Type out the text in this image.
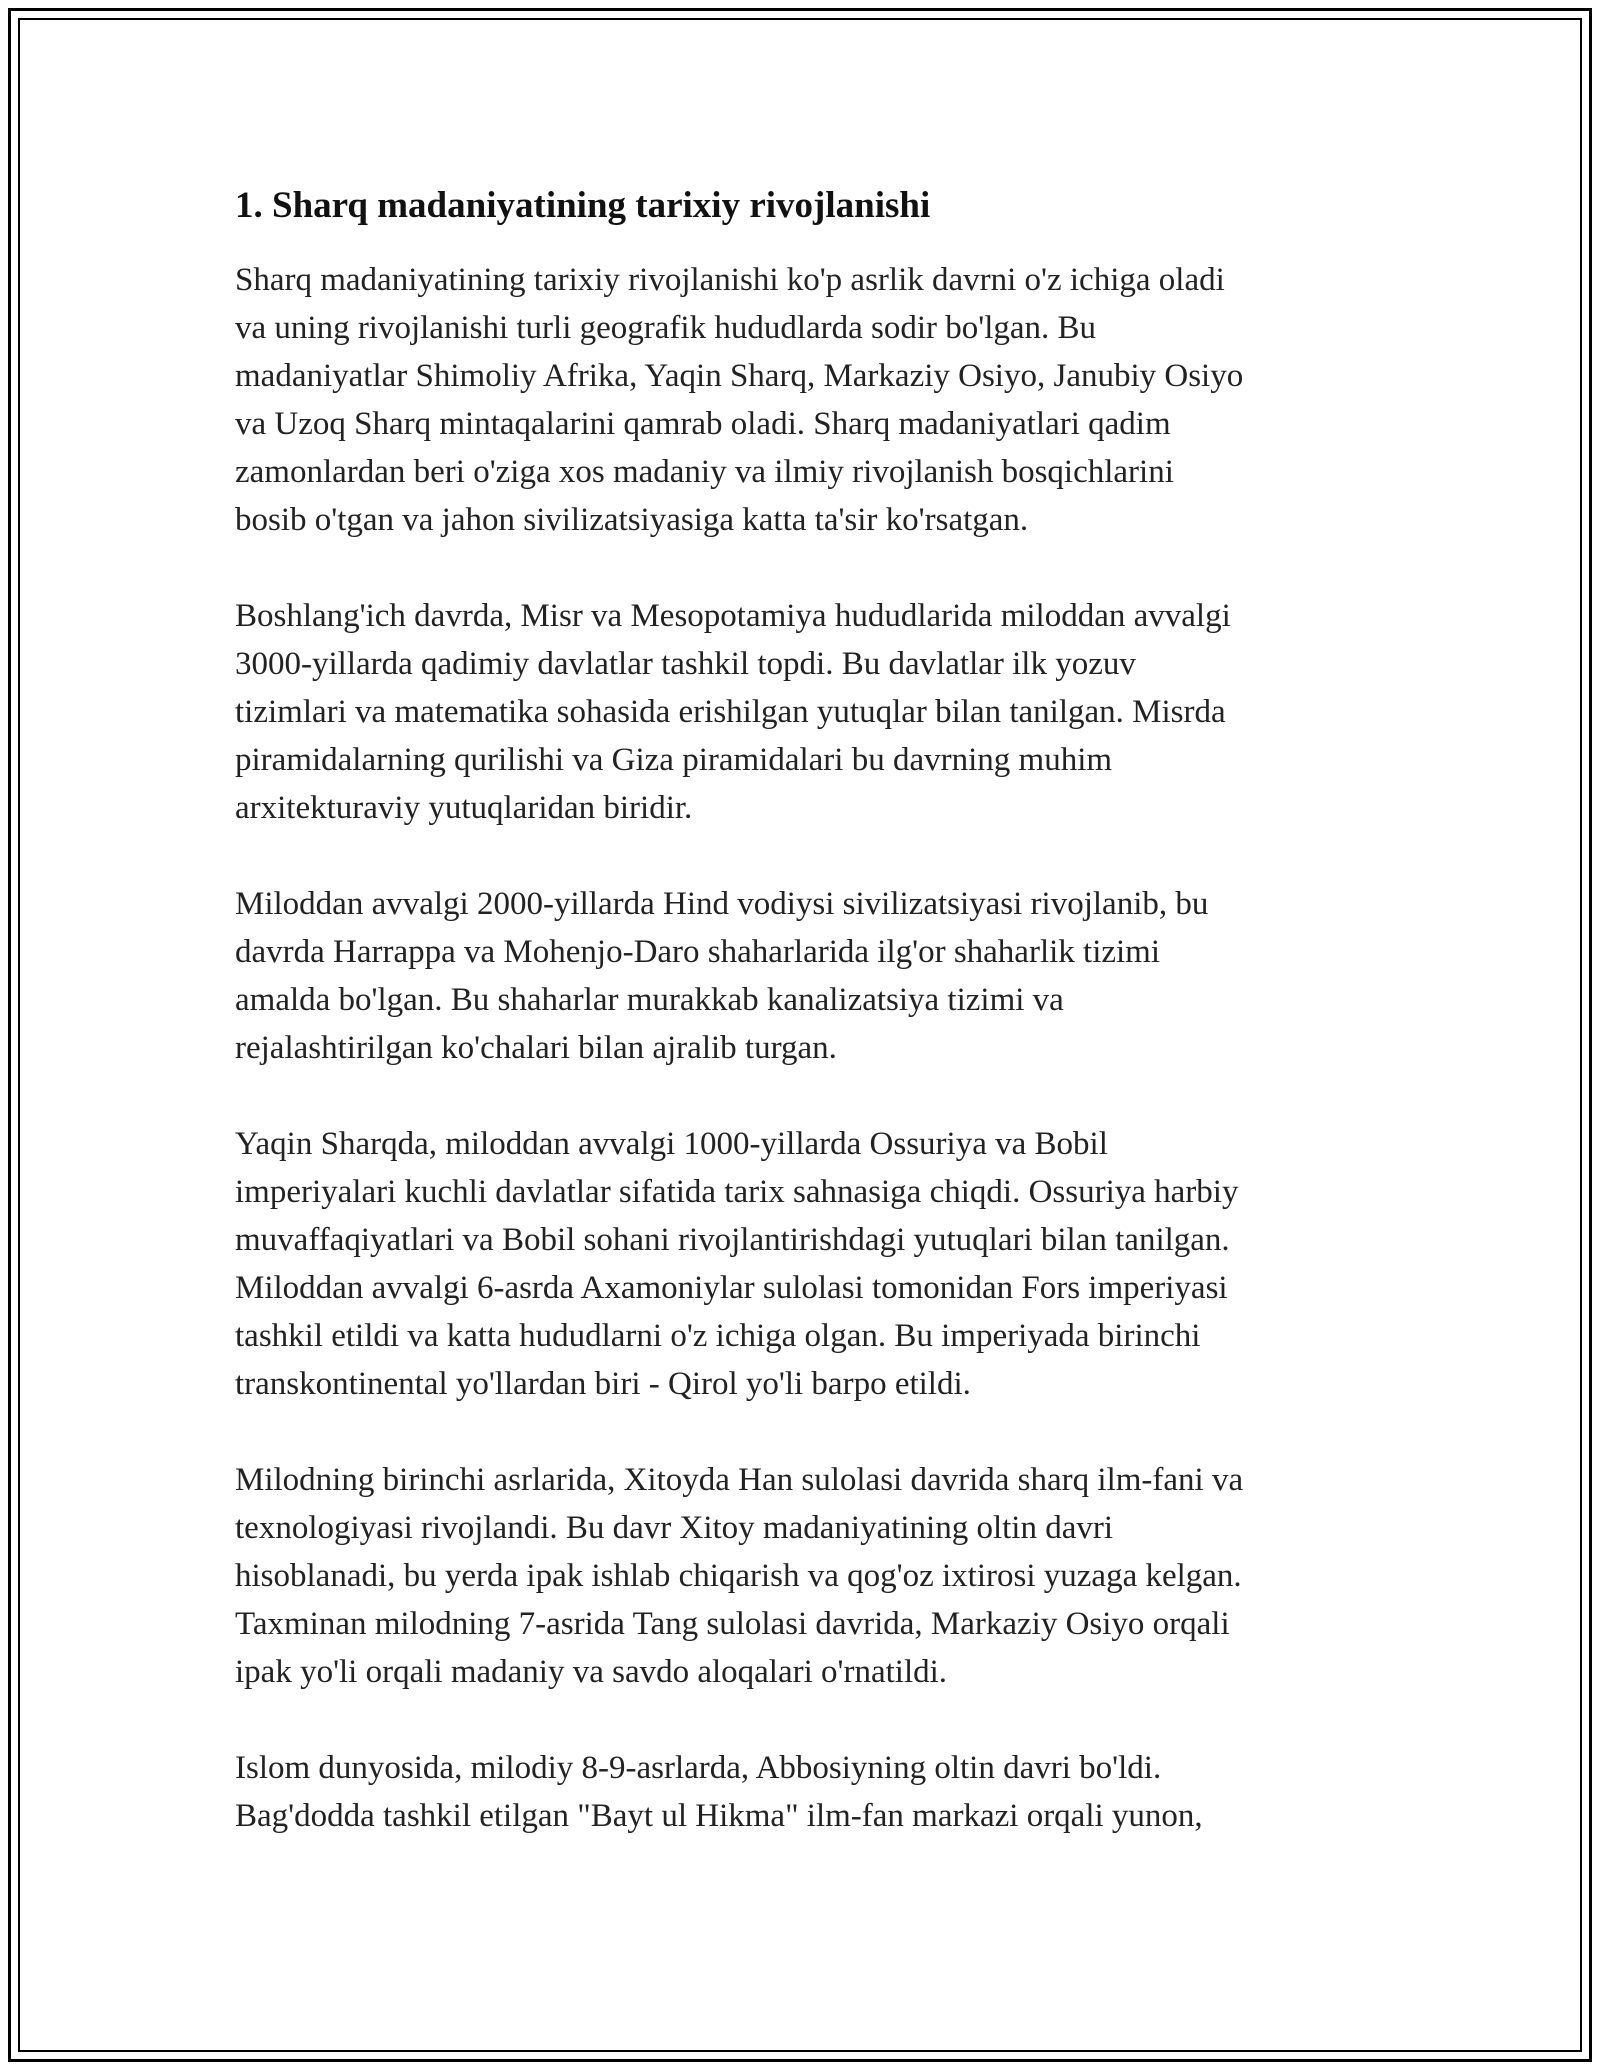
1. Sharq madaniyatining tarixiy rivojlanishi

Sharq madaniyatining tarixiy rivojlanishi ko'p asrlik davrni o'z ichiga oladi
va uning rivojlanishi turli geografik hududlarda sodir bo'lgan. Bu
madaniyatlar Shimoliy Afrika, Yaqin Sharq, Markaziy Osiyo, Janubiy Osiyo
va Uzoq Sharq mintaqalarini qamrab oladi. Sharq madaniyatlari qadim
zamonlardan beri o'ziga xos madaniy va ilmiy rivojlanish bosqichlarini
bosib o'tgan va jahon sivilizatsiyasiga katta ta'sir ko'rsatgan.

Boshlang'ich davrda, Misr va Mesopotamiya hududlarida miloddan avvalgi
3000-yillarda qadimiy davlatlar tashkil topdi. Bu davlatlar ilk yozuv
tizimlari va matematika sohasida erishilgan yutuqlar bilan tanilgan. Misrda
piramidalarning qurilishi va Giza piramidalari bu davrning muhim
arxitekturaviy yutuqlaridan biridir.

Miloddan avvalgi 2000-yillarda Hind vodiysi sivilizatsiyasi rivojlanib, bu
davrda Harrappa va Mohenjo-Daro shaharlarida ilg'or shaharlik tizimi
amalda bo'lgan. Bu shaharlar murakkab kanalizatsiya tizimi va
rejalashtirilgan ko'chalari bilan ajralib turgan.

Yaqin Sharqda, miloddan avvalgi 1000-yillarda Ossuriya va Bobil
imperiyalari kuchli davlatlar sifatida tarix sahnasiga chiqdi. Ossuriya harbiy
muvaffaqiyatlari va Bobil sohani rivojlantirishdagi yutuqlari bilan tanilgan.
Miloddan avvalgi 6-asrda Axamoniylar sulolasi tomonidan Fors imperiyasi
tashkil etildi va katta hududlarni o'z ichiga olgan. Bu imperiyada birinchi
transkontinental yo'llardan biri - Qirol yo'li barpo etildi.

Milodning birinchi asrlarida, Xitoyda Han sulolasi davrida sharq ilm-fani va
texnologiyasi rivojlandi. Bu davr Xitoy madaniyatining oltin davri
hisoblanadi, bu yerda ipak ishlab chiqarish va qog'oz ixtirosi yuzaga kelgan.
Taxminan milodning 7-asrida Tang sulolasi davrida, Markaziy Osiyo orqali
ipak yo'li orqali madaniy va savdo aloqalari o'rnatildi.

Islom dunyosida, milodiy 8-9-asrlarda, Abbosiyning oltin davri bo'ldi.
Bag'dodda tashkil etilgan "Bayt ul Hikma" ilm-fan markazi orqali yunon,
